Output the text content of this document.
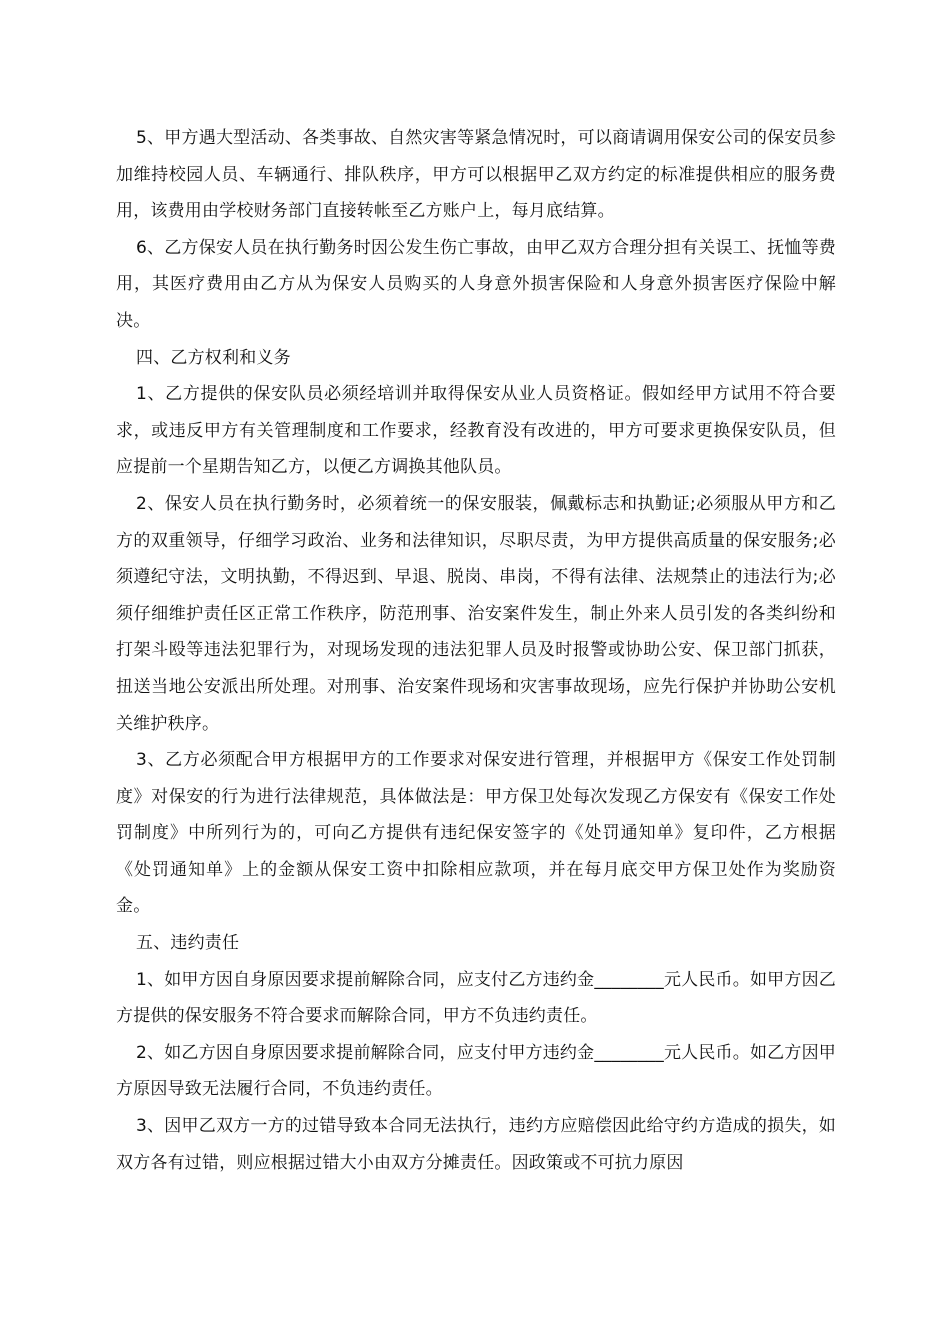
5、甲方遇大型活动、各类事故、自然灾害等紧急情况时，可以商请调用保安公司的保安员参加维持校园人员、车辆通行、排队秩序，甲方可以根据甲乙双方约定的标准提供相应的服务费用，该费用由学校财务部门直接转帐至乙方账户上，每月底结算。

6、乙方保安人员在执行勤务时因公发生伤亡事故，由甲乙双方合理分担有关误工、抚恤等费用，其医疗费用由乙方从为保安人员购买的人身意外损害保险和人身意外损害医疗保险中解决。

四、乙方权利和义务

1、乙方提供的保安队员必须经培训并取得保安从业人员资格证。假如经甲方试用不符合要求，或违反甲方有关管理制度和工作要求，经教育没有改进的，甲方可要求更换保安队员，但应提前一个星期告知乙方，以便乙方调换其他队员。

2、保安人员在执行勤务时，必须着统一的保安服装，佩戴标志和执勤证;必须服从甲方和乙方的双重领导，仔细学习政治、业务和法律知识，尽职尽责，为甲方提供高质量的保安服务;必须遵纪守法，文明执勤，不得迟到、早退、脱岗、串岗，不得有法律、法规禁止的违法行为;必须仔细维护责任区正常工作秩序，防范刑事、治安案件发生，制止外来人员引发的各类纠纷和打架斗殴等违法犯罪行为，对现场发现的违法犯罪人员及时报警或协助公安、保卫部门抓获，扭送当地公安派出所处理。对刑事、治安案件现场和灾害事故现场，应先行保护并协助公安机关维护秩序。

3、乙方必须配合甲方根据甲方的工作要求对保安进行管理，并根据甲方《保安工作处罚制度》对保安的行为进行法律规范，具体做法是：甲方保卫处每次发现乙方保安有《保安工作处罚制度》中所列行为的，可向乙方提供有违纪保安签字的《处罚通知单》复印件，乙方根据《处罚通知单》上的金额从保安工资中扣除相应款项，并在每月底交甲方保卫处作为奖励资金。

五、违约责任

1、如甲方因自身原因要求提前解除合同，应支付乙方违约金________元人民币。如甲方因乙方提供的保安服务不符合要求而解除合同，甲方不负违约责任。

2、如乙方因自身原因要求提前解除合同，应支付甲方违约金________元人民币。如乙方因甲方原因导致无法履行合同，不负违约责任。

3、因甲乙双方一方的过错导致本合同无法执行，违约方应赔偿因此给守约方造成的损失，如双方各有过错，则应根据过错大小由双方分摊责任。因政策或不可抗力原因
